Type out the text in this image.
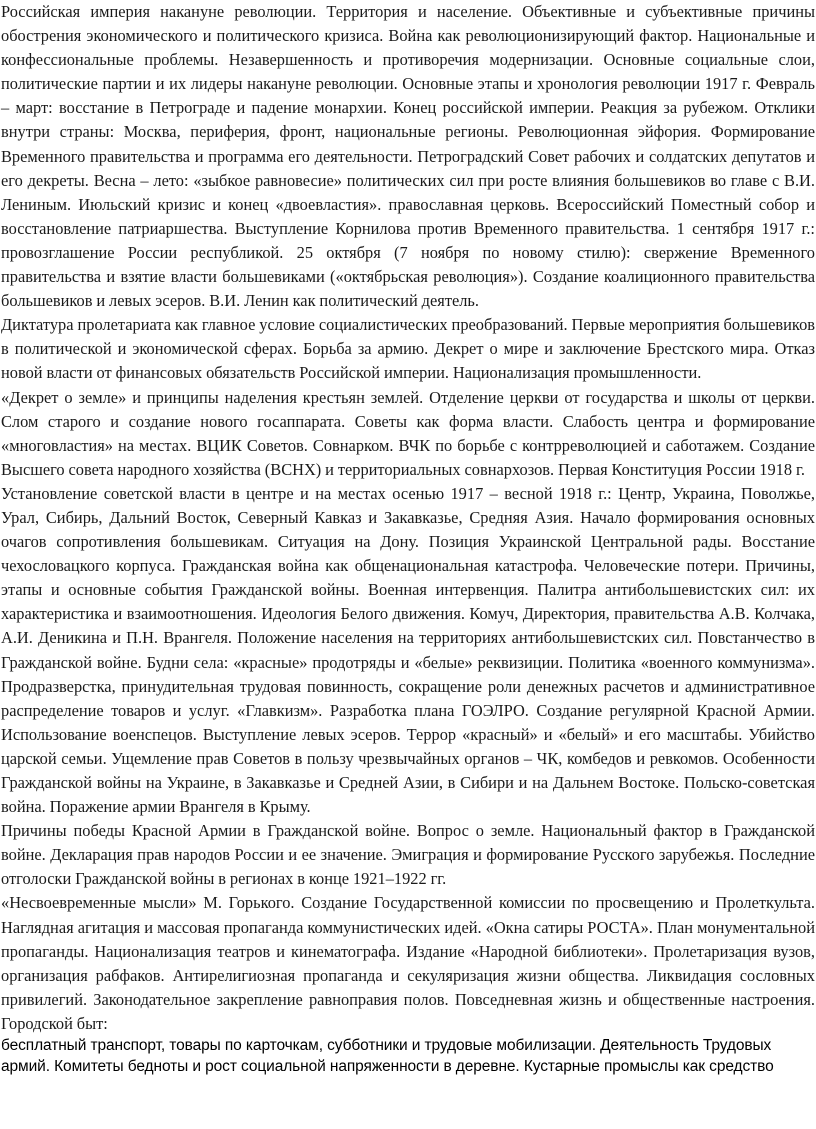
Российская империя накануне революции. Территория и население. Объективные и субъективные причины обострения экономического и политического кризиса. Война как революционизирующий фактор. Национальные и конфессиональные проблемы. Незавершенность и противоречия модернизации. Основные социальные слои, политические партии и их лидеры накануне революции. Основные этапы и хронология революции 1917 г. Февраль – март: восстание в Петрограде и падение монархии. Конец российской империи. Реакция за рубежом. Отклики внутри страны: Москва, периферия, фронт, национальные регионы. Революционная эйфория. Формирование Временного правительства и программа его деятельности. Петроградский Совет рабочих и солдатских депутатов и его декреты. Весна – лето: «зыбкое равновесие» политических сил при росте влияния большевиков во главе с В.И. Лениным. Июльский кризис и конец «двоевластия». православная церковь. Всероссийский Поместный собор и восстановление патриаршества. Выступление Корнилова против Временного правительства. 1 сентября 1917 г.: провозглашение России республикой. 25 октября (7 ноября по новому стилю): свержение Временного правительства и взятие власти большевиками («октябрьская революция»). Создание коалиционного правительства большевиков и левых эсеров. В.И. Ленин как политический деятель.

Диктатура пролетариата как главное условие социалистических преобразований. Первые мероприятия большевиков в политической и экономической сферах. Борьба за армию. Декрет о мире и заключение Брестского мира. Отказ новой власти от финансовых обязательств Российской империи. Национализация промышленности.

«Декрет о земле» и принципы наделения крестьян землей. Отделение церкви от государства и школы от церкви. Слом старого и создание нового госаппарата. Советы как форма власти. Слабость центра и формирование «многовластия» на местах. ВЦИК Советов. Совнарком. ВЧК по борьбе с контрреволюцией и саботажем. Создание Высшего совета народного хозяйства (ВСНХ) и территориальных совнархозов. Первая Конституция России 1918 г.

Установление советской власти в центре и на местах осенью 1917 – весной 1918 г.: Центр, Украина, Поволжье, Урал, Сибирь, Дальний Восток, Северный Кавказ и Закавказье, Средняя Азия. Начало формирования основных очагов сопротивления большевикам. Ситуация на Дону. Позиция Украинской Центральной рады. Восстание чехословацкого корпуса. Гражданская война как общенациональная катастрофа. Человеческие потери. Причины, этапы и основные события Гражданской войны. Военная интервенция. Палитра антибольшевистских сил: их характеристика и взаимоотношения. Идеология Белого движения. Комуч, Директория, правительства А.В. Колчака, А.И. Деникина и П.Н. Врангеля. Положение населения на территориях антибольшевистских сил. Повстанчество в Гражданской войне. Будни села: «красные» продотряды и «белые» реквизиции. Политика «военного коммунизма». Продразверстка, принудительная трудовая повинность, сокращение роли денежных расчетов и административное распределение товаров и услуг. «Главкизм». Разработка плана ГОЭЛРО. Создание регулярной Красной Армии. Использование военспецов. Выступление левых эсеров. Террор «красный» и «белый» и его масштабы. Убийство царской семьи. Ущемление прав Советов в пользу чрезвычайных органов – ЧК, комбедов и ревкомов. Особенности Гражданской войны на Украине, в Закавказье и Средней Азии, в Сибири и на Дальнем Востоке. Польско-советская война. Поражение армии Врангеля в Крыму.

Причины победы Красной Армии в Гражданской войне. Вопрос о земле. Национальный фактор в Гражданской войне. Декларация прав народов России и ее значение. Эмиграция и формирование Русского зарубежья. Последние отголоски Гражданской войны в регионах в конце 1921–1922 гг.

«Несвоевременные мысли» М. Горького. Создание Государственной комиссии по просвещению и Пролеткульта. Наглядная агитация и массовая пропаганда коммунистических идей. «Окна сатиры РОСТА». План монументальной пропаганды. Национализация театров и кинематографа. Издание «Народной библиотеки». Пролетаризация вузов, организация рабфаков. Антирелигиозная пропаганда и секуляризация жизни общества. Ликвидация сословных привилегий. Законодательное закрепление равноправия полов. Повседневная жизнь и общественные настроения. Городской быт:

бесплатный транспорт, товары по карточкам, субботники и трудовые мобилизации. Деятельность Трудовых армий. Комитеты бедноты и рост социальной напряженности в деревне. Кустарные промыслы как средство
